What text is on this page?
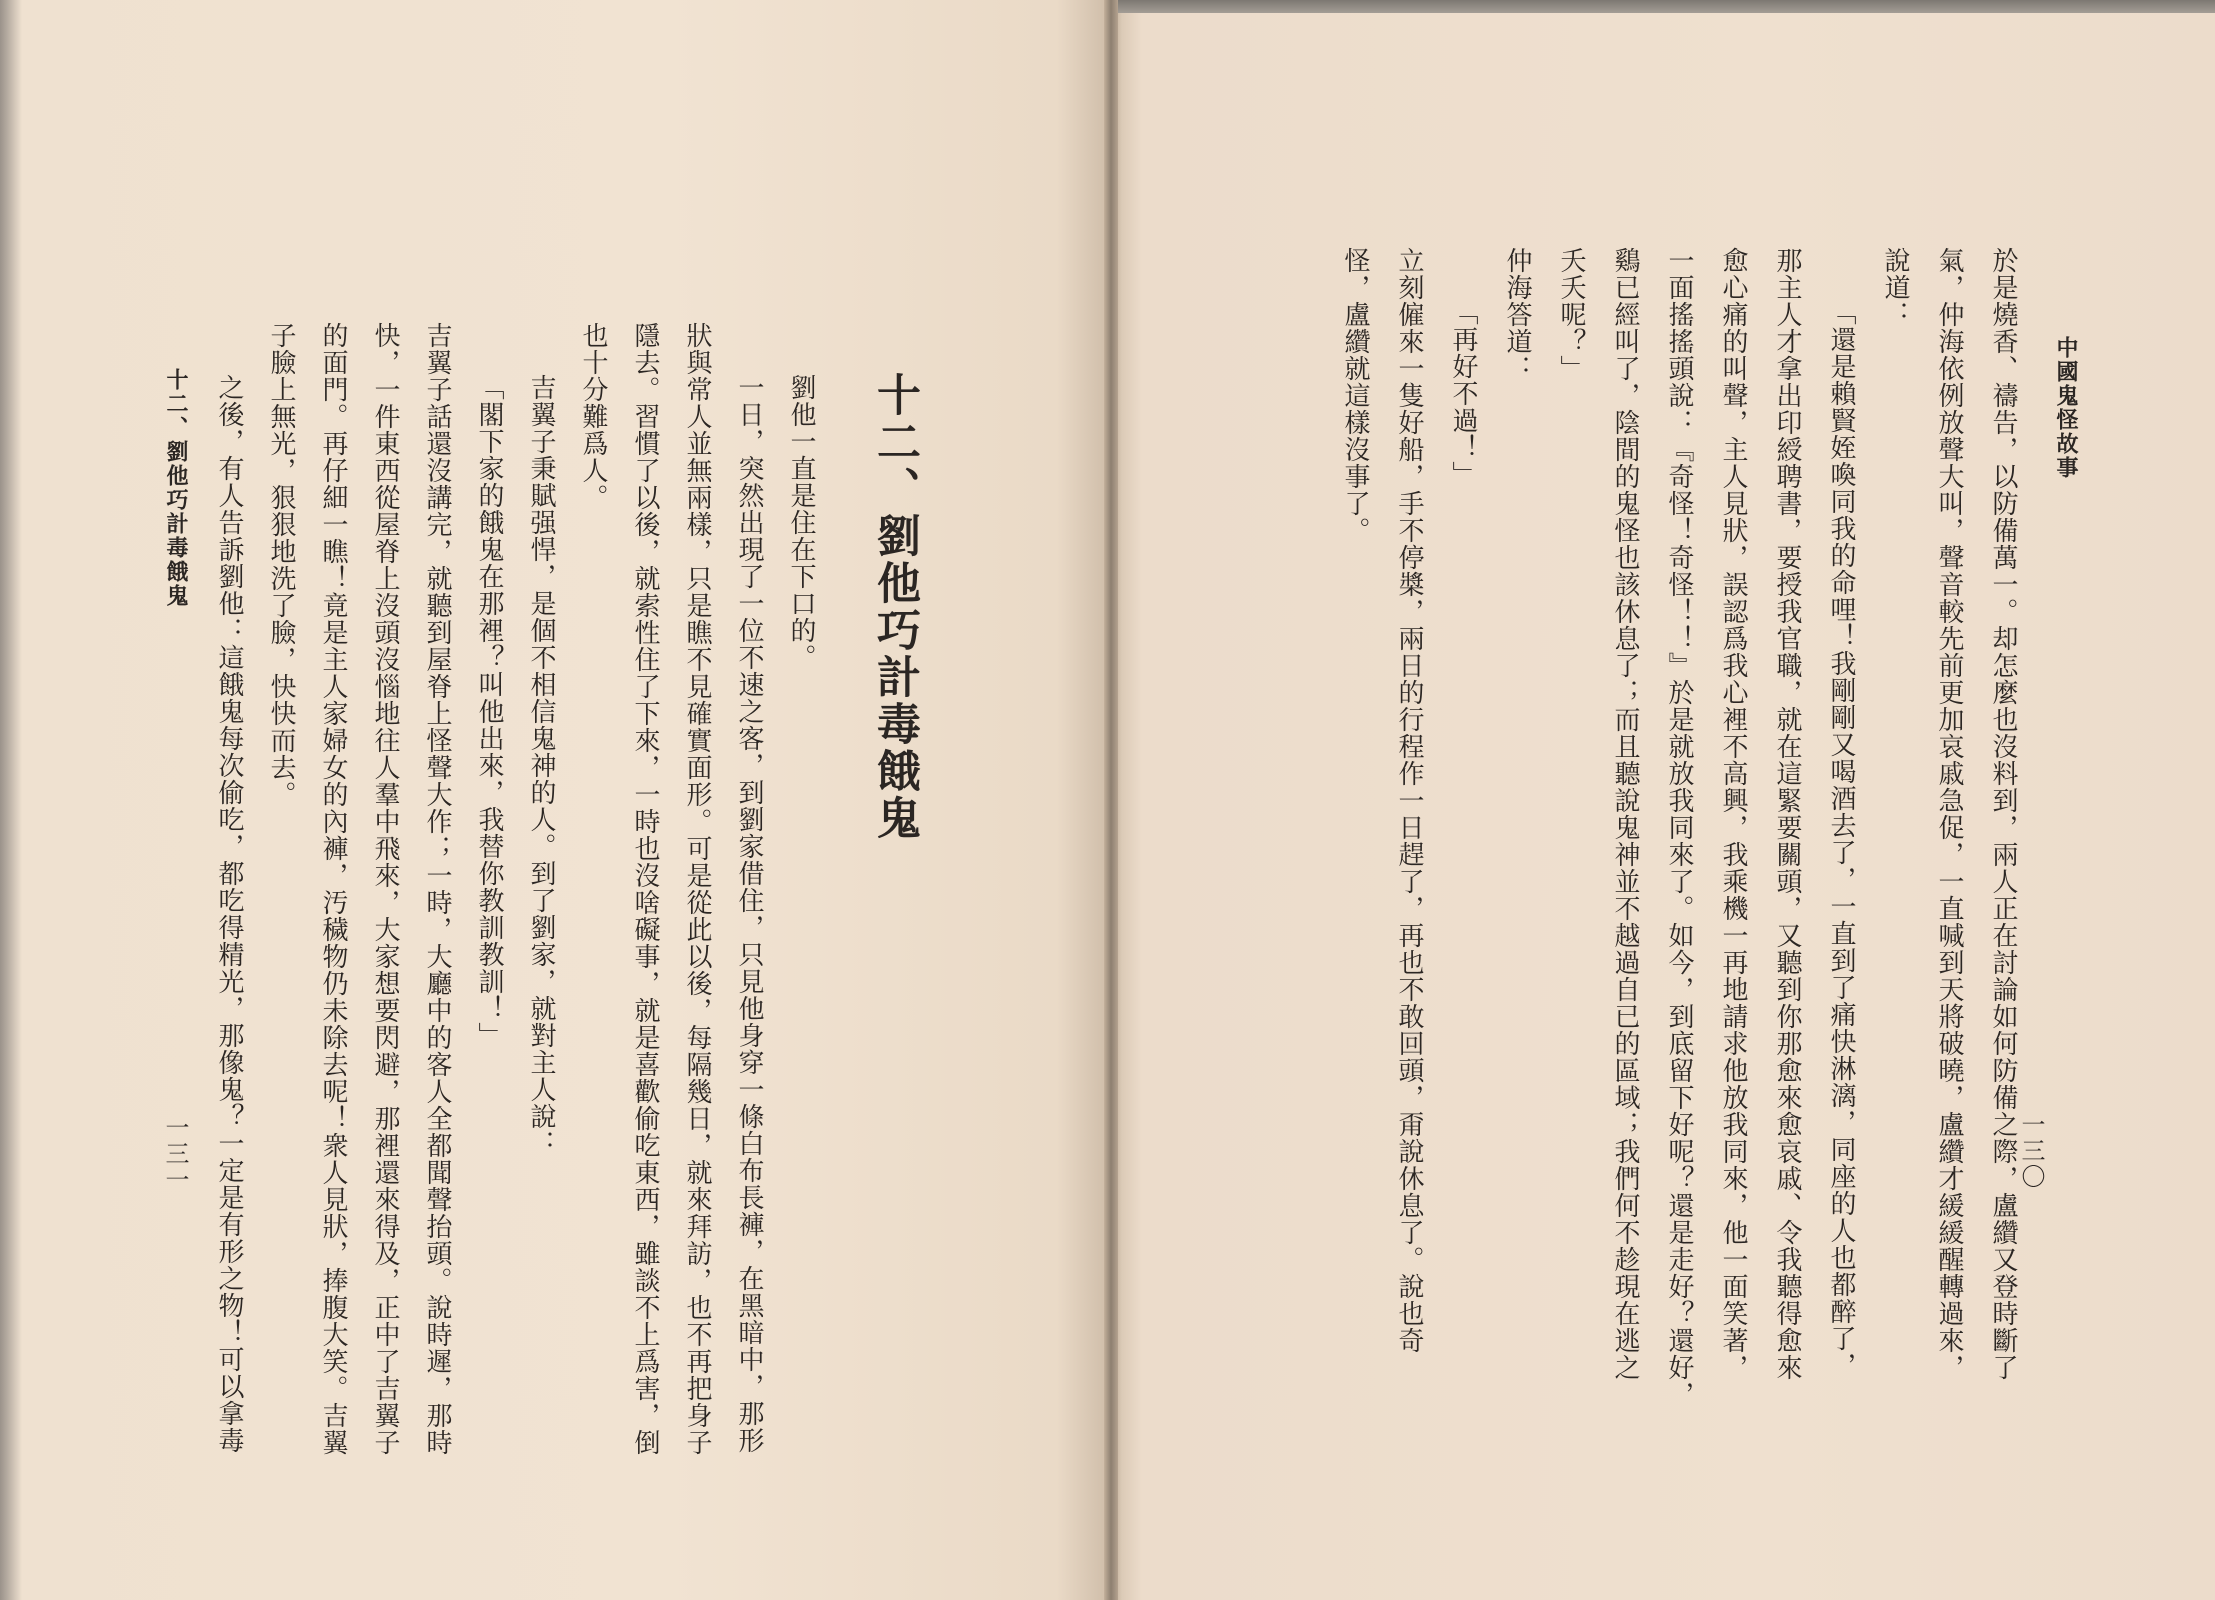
中國鬼怪故事
一三〇
於是燒香、禱告，以防備萬一。却怎麼也沒料到，兩人正在討論如何防備之際，盧纘又登時斷了
氣，仲海依例放聲大叫，聲音較先前更加哀戚急促，一直喊到天將破曉，盧纘才緩緩醒轉過來，
說道：
「還是賴賢姪喚同我的命哩！我剛剛又喝酒去了，一直到了痛快淋漓，同座的人也都醉了，
那主人才拿出印綬聘書，要授我官職，就在這緊要關頭，又聽到你那愈來愈哀戚、令我聽得愈來
愈心痛的叫聲，主人見狀，誤認爲我心裡不高興，我乘機一再地請求他放我同來，他一面笑著，
一面搖搖頭說：『奇怪！奇怪！！』於是就放我同來了。如今，到底留下好呢？還是走好？還好，
鷄已經叫了，陰間的鬼怪也該休息了；而且聽說鬼神並不越過自已的區域；我們何不趁現在逃之
夭夭呢？」
仲海答道：
「再好不過！」
立刻僱來一隻好船，手不停槳，兩日的行程作一日趕了，再也不敢回頭，甭說休息了。說也奇
怪，盧纘就這樣沒事了。
十二、劉他巧計毒餓鬼
劉他一直是住在下口的。
一日，突然出現了一位不速之客，到劉家借住，只見他身穿一條白布長褲，在黑暗中，那形
狀與常人並無兩樣，只是瞧不見確實面形。可是從此以後，每隔幾日，就來拜訪，也不再把身子
隱去。習慣了以後，就索性住了下來，一時也沒啥礙事，就是喜歡偷吃東西，雖談不上爲害，倒
也十分難爲人。
吉翼子秉賦强悍，是個不相信鬼神的人。到了劉家，就對主人說：
「閣下家的餓鬼在那裡？叫他出來，我替你教訓教訓！」
吉翼子話還沒講完，就聽到屋脊上怪聲大作；一時，大廳中的客人全都聞聲抬頭。說時遲，那時
快，一件東西從屋脊上沒頭沒惱地往人羣中飛來，大家想要閃避，那裡還來得及，正中了吉翼子
的面門。再仔細一瞧！竟是主人家婦女的內褲，汚穢物仍未除去呢！衆人見狀，捧腹大笑。吉翼
子臉上無光，狠狠地洗了臉，快快而去。
之後，有人告訴劉他：這餓鬼每次偷吃，都吃得精光，那像鬼？一定是有形之物！可以拿毒
十二、劉他巧計毒餓鬼
一三一
